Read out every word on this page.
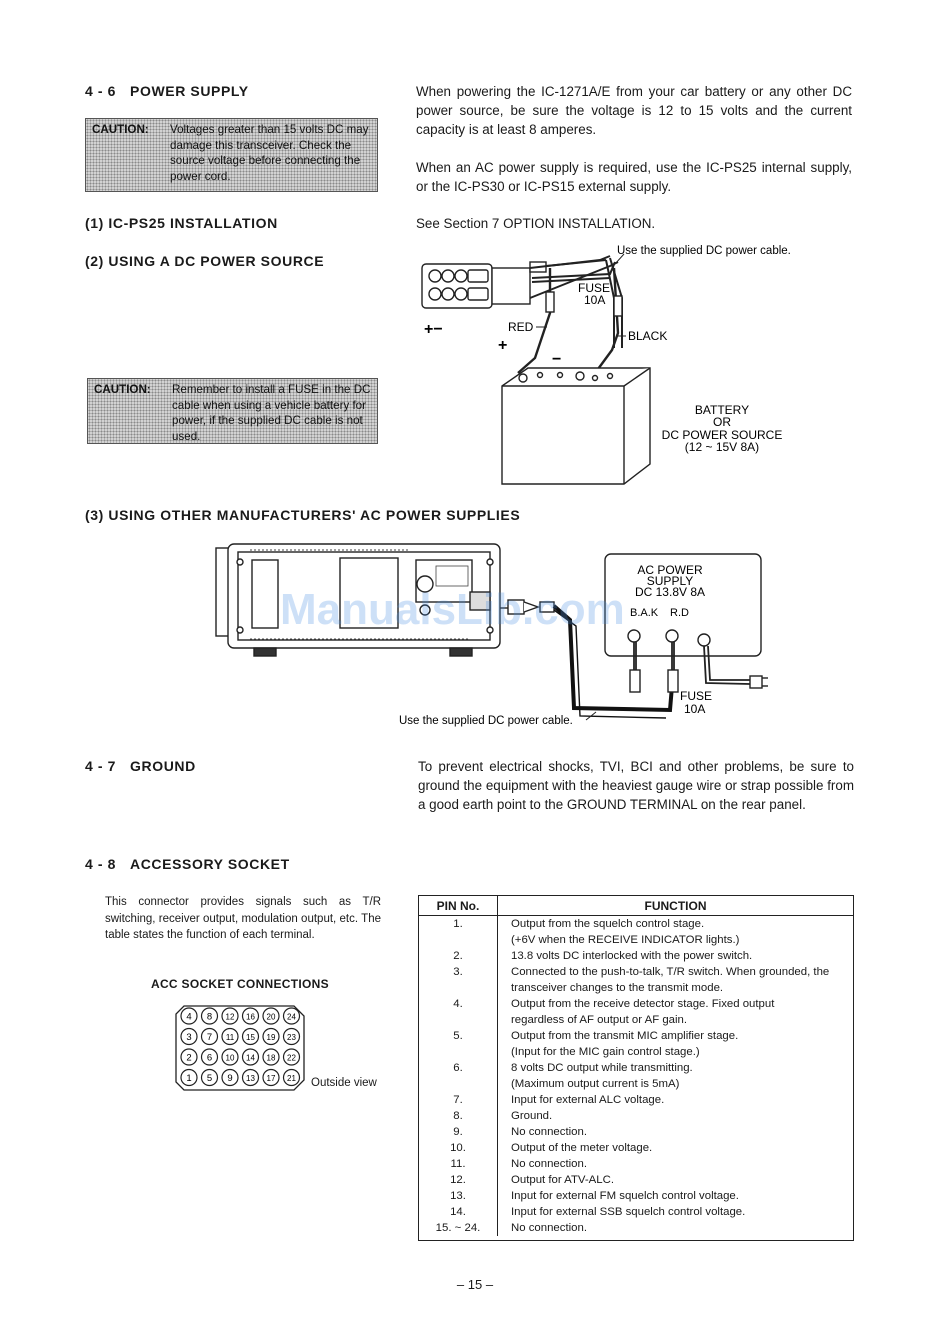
4 - 6 POWER SUPPLY
CAUTION:	Voltages greater than 15 volts DC may damage this transceiver. Check the source voltage before connecting the power cord.
(1) IC-PS25 INSTALLATION
(2) USING A DC POWER SOURCE
CAUTION:	Remember to install a FUSE in the DC cable when using a vehicle battery for power, if the supplied DC cable is not used.
When powering the IC-1271A/E from your car battery or any other DC power source, be sure the voltage is 12 to 15 volts and the current capacity is at least 8 amperes.
When an AC power supply is required, use the IC-PS25 internal supply, or the IC-PS30 or IC-PS15 external supply.
See Section 7 OPTION INSTALLATION.
+−
Use the supplied DC power cable.
FUSE
10A
RED
BLACK
+
−
BATTERY
OR
DC POWER SOURCE
(12 ~ 15V 8A)
(3) USING OTHER MANUFACTURERS' AC POWER SUPPLIES
AC POWER
SUPPLY
DC 13.8V 8A
B.A.K R.D
FUSE
10A
Use the supplied DC power cable.
ManualsLib.com
4 - 7 GROUND	To prevent electrical shocks, TVI, BCI and other problems, be sure to ground the equipment with the heaviest gauge wire or strap possible from a good earth point to the GROUND TERMINAL on the rear panel.
4 - 8 ACCESSORY SOCKET
This connector provides signals such as T/R switching, receiver output, modulation output, etc. The table states the function of each terminal.
ACC SOCKET CONNECTIONS
4 8 12 16 20 24
3 7 11 15 19 23
2 6 10 14 18 22
1 5 9 13 17 21 Outside view
PIN No.	FUNCTION
1.	Output from the squelch control stage.
(+6V when the RECEIVE INDICATOR lights.)

2.	13.8 volts DC interlocked with the power switch.

3.	Connected to the push-to-talk, T/R switch. When grounded, the transceiver changes to the transmit mode.

4.	Output from the receive detector stage. Fixed output
regardless of AF output or AF gain.

5.	Output from the transmit MIC amplifier stage.
(Input for the MIC gain control stage.)

6.	8 volts DC output while transmitting.
(Maximum output current is 5mA)

7.	Input for external ALC voltage.

8.	Ground.

9.	No connection.

10.	Output of the meter voltage.

11.	No connection.

12.	Output for ATV-ALC.

13.	Input for external FM squelch control voltage.

14.	Input for external SSB squelch control voltage.

15. ~ 24.	No connection.
– 15 –
